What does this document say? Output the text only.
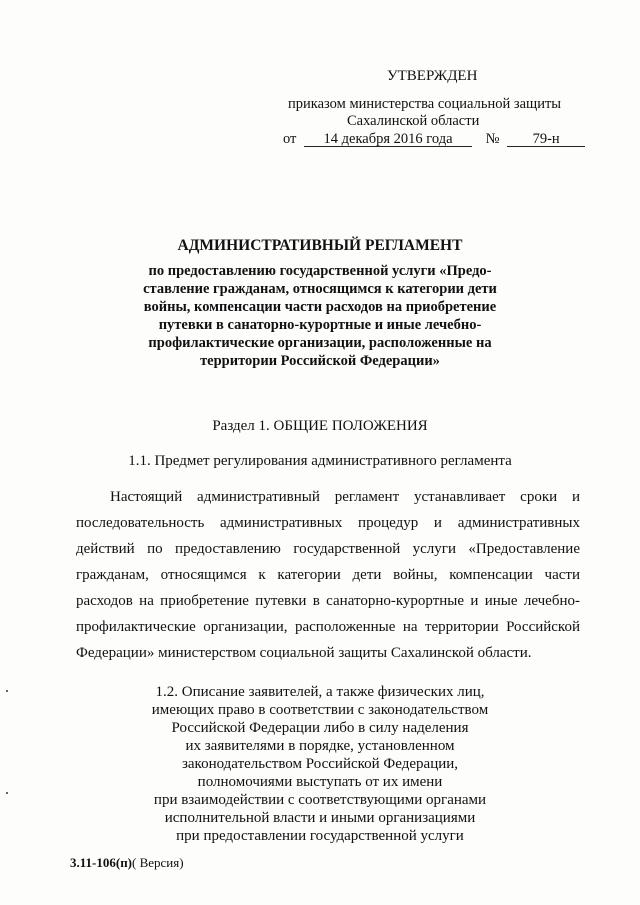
УТВЕРЖДЕН
приказом министерства социальной защиты
Сахалинской области
от 14 декабря 2016 года № 79-н
АДМИНИСТРАТИВНЫЙ РЕГЛАМЕНТ
по предоставлению государственной услуги «Предо-
ставление гражданам, относящимся к категории дети
войны, компенсации части расходов на приобретение
путевки в санаторно-курортные и иные лечебно-
профилактические организации, расположенные на
территории Российской Федерации»
Раздел 1. ОБЩИЕ ПОЛОЖЕНИЯ
1.1. Предмет регулирования административного регламента
Настоящий административный регламент устанавливает сроки и
последовательность административных процедур и административных
действий по предоставлению государственной услуги «Предоставление
гражданам, относящимся к категории дети войны, компенсации части
расходов на приобретение путевки в санаторно-курортные и иные лечебно-
профилактические организации, расположенные на территории Российской
Федерации» министерством социальной защиты Сахалинской области.
1.2. Описание заявителей, а также физических лиц,
имеющих право в соответствии с законодательством
Российской Федерации либо в силу наделения
их заявителями в порядке, установленном
законодательством Российской Федерации,
полномочиями выступать от их имени
при взаимодействии с соответствующими органами
исполнительной власти и иными организациями
при предоставлении государственной услуги
3.11-106(п)( Версия)
